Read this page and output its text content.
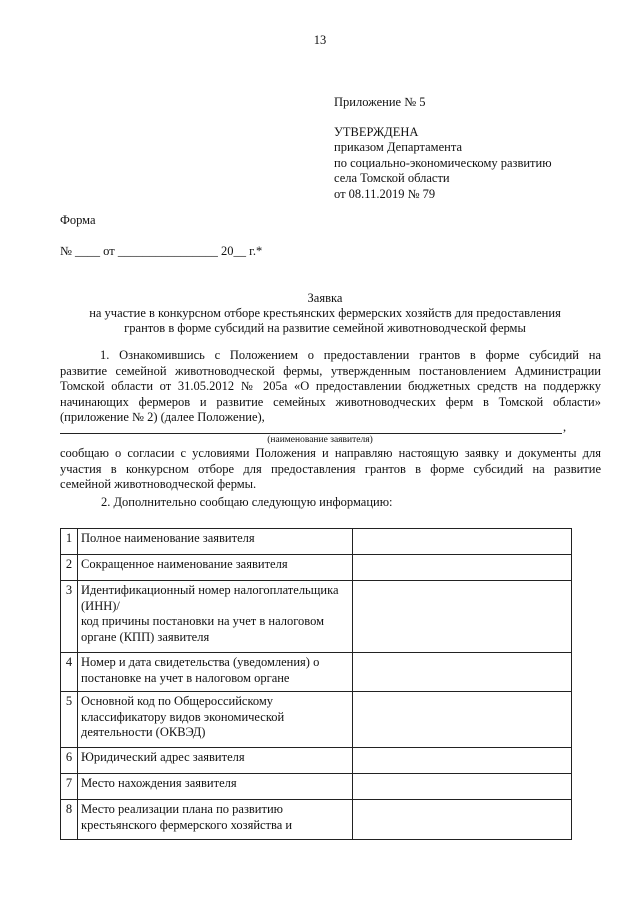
13
Приложение № 5
УТВЕРЖДЕНА
приказом Департамента
по социально-экономическому развитию
села Томской области
от 08.11.2019 № 79
Форма
№ ____ от ________________ 20__ г.*
Заявка
на участие в конкурсном отборе крестьянских фермерских хозяйств для предоставления
грантов в форме субсидий на развитие семейной животноводческой фермы
1. Ознакомившись с Положением о предоставлении грантов в форме субсидий на
развитие семейной животноводческой фермы, утвержденным постановлением Администрации
Томской области от 31.05.2012 № 205а «О предоставлении бюджетных средств на поддержку
начинающих фермеров и развитие семейных животноводческих ферм в Томской области»
(приложение № 2) (далее Положение),
,
(наименование заявителя)
сообщаю о согласии с условиями Положения и направляю настоящую заявку и документы для
участия в конкурсном отборе для предоставления грантов в форме субсидий на развитие
семейной животноводческой фермы.
2. Дополнительно сообщаю следующую информацию:
1	Полное наименование заявителя	
2	Сокращенное наименование заявителя	
3	Идентификационный номер налогоплательщика (ИНН)/
код причины постановки на учет в налоговом органе (КПП) заявителя	
4	Номер и дата свидетельства (уведомления) о постановке на учет в налоговом органе	
5	Основной код по Общероссийскому классификатору видов экономической деятельности (ОКВЭД)	
6	Юридический адрес заявителя	
7	Место нахождения заявителя	
8	Место реализации плана по развитию крестьянского фермерского хозяйства и	
